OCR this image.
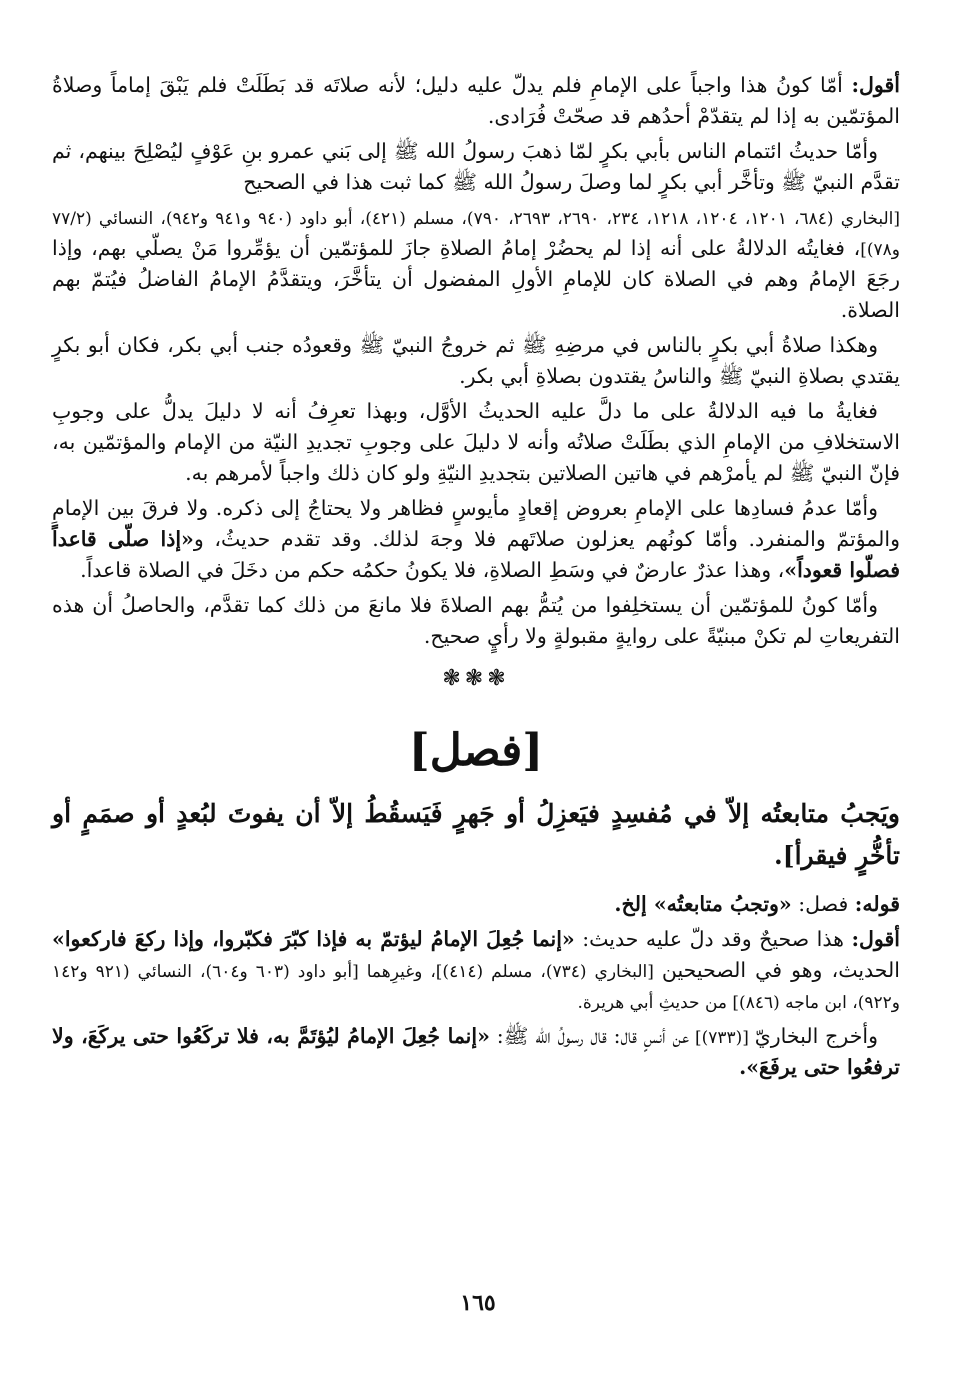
أقول: أمّا كونُ هذا واجباً على الإمامِ فلم يدلّ عليه دليل؛ لأنه صلاتَه قد بَطَلَتْ فلم يَبْقَ إماماً وصلاةُ المؤتمّين به إذا لم يتقدّمْ أحدُهم قد صحّتْ فُرَادى.

وأمّا حديثُ ائتمام الناس بأبي بكرٍ لمّا ذهبَ رسولُ الله ﷺ إلى بَني عمرو بنِ عَوْفٍ ليُصْلِحَ بينهم، ثم تقدَّم النبيّ ﷺ وتأخَّر أبي بكرٍ لما وصلَ رسولُ الله ﷺ كما ثبت هذا في الصحيح

[البخاري (٦٨٤، ١٢٠١، ١٢٠٤، ١٢١٨، ٢٣٤، ٢٦٩٠، ٢٦٩٣، ٧٩٠)، مسلم (٤٢١)، أبو داود (٩٤٠ و٩٤١ و٩٤٢)، النسائي (٧٧/٢ و٧٨)]، فغايتُه الدلالةُ على أنه إذا لم يحضُرْ إمامُ الصلاةِ جازَ للمؤتمّين أن يؤمِّروا مَنْ يصلّي بهم، وإذا رجَعَ الإمامُ وهم في الصلاة كان للإمامِ الأولِ المفضول أن يتأخَّرَ، ويتقدَّمُ الإمامُ الفاضلُ فيُتمّ بهم الصلاة.

وهكذا صلاةُ أبي بكرٍ بالناس في مرضِهِ ﷺ ثم خروجُ النبيّ ﷺ وقعودُه جنب أبي بكر، فكان أبو بكرٍ يقتدي بصلاةِ النبيّ ﷺ والناسُ يقتدون بصلاةِ أبي بكر.

فغايةُ ما فيه الدلالةُ على ما دلَّ عليه الحديثُ الأوَّل، وبهذا تعرِفُ أنه لا دليلَ يدلُّ على وجوبِ الاستخلافِ من الإمامِ الذي بطَلَتْ صلاتُه وأنه لا دليلَ على وجوبِ تجديدِ النيّة من الإمام والمؤتمّين به، فإنّ النبيّ ﷺ لم يأمرْهم في هاتين الصلاتين بتجديدِ النيّةِ ولو كان ذلك واجباً لأمرهم به.

وأمّا عدمُ فسادِها على الإمامِ بعروض إقعادٍ مأيوسٍ فظاهر ولا يحتاجُ إلى ذكره. ولا فرقَ بين الإمامِ والمؤتمّ والمنفرد. وأمّا كونُهم يعزلون صلاتَهم فلا وجهَ لذلك. وقد تقدم حديثُ، و«إذا صلّى قاعداً فصلّوا قعوداً»، وهذا عذرٌ عارضٌ في وسَطِ الصلاةِ، فلا يكونُ حكمُه حكم من دخَلَ في الصلاة قاعداً.

وأمّا كونُ للمؤتمّين أن يستخلِفوا من يُتمُّ بهم الصلاةَ فلا مانعَ من ذلك كما تقدَّم، والحاصلُ أن هذه التفريعاتِ لم تكنْ مبنيّةً على روايةٍ مقبولةٍ ولا رأيٍ صحيح.

❃❃❃
[فصل]

ويَجبُ متابعتُه إلاّ في مُفسِدٍ فيَعزِلُ أو جَهرٍ فَيَسقُطُ إلاّ أن يفوتَ لبُعدٍ أو صمَمٍ أو تأخُّرٍ فيقرأ].

قوله: فصل: «وتجبُ متابعتُه» إلخ.

أقول: هذا صحيحٌ وقد دلّ عليه حديث: «إنما جُعِلَ الإمامُ ليؤتمّ به فإذا كبّرَ فكبّروا، وإذا ركعَ فاركعوا» الحديث، وهو في الصحيحين [البخاري (٧٣٤)، مسلم (٤١٤)]، وغيرِهما [أبو داود (٦٠٣ و٦٠٤)، النسائي (٩٢١ و١٤٢ و٩٢٢)، ابن ماجه (٨٤٦)] من حديثِ أبي هريرة.

وأخرج البخاريّ [(٧٣٣)] عن أنسٍ قال: قال رسولُ الله ﷺ: «إنما جُعِلَ الإمامُ ليُؤتَمَّ به، فلا تركَعُوا حتى يركَعَ، ولا ترفعُوا حتى يرفَعَ».

١٦٥
